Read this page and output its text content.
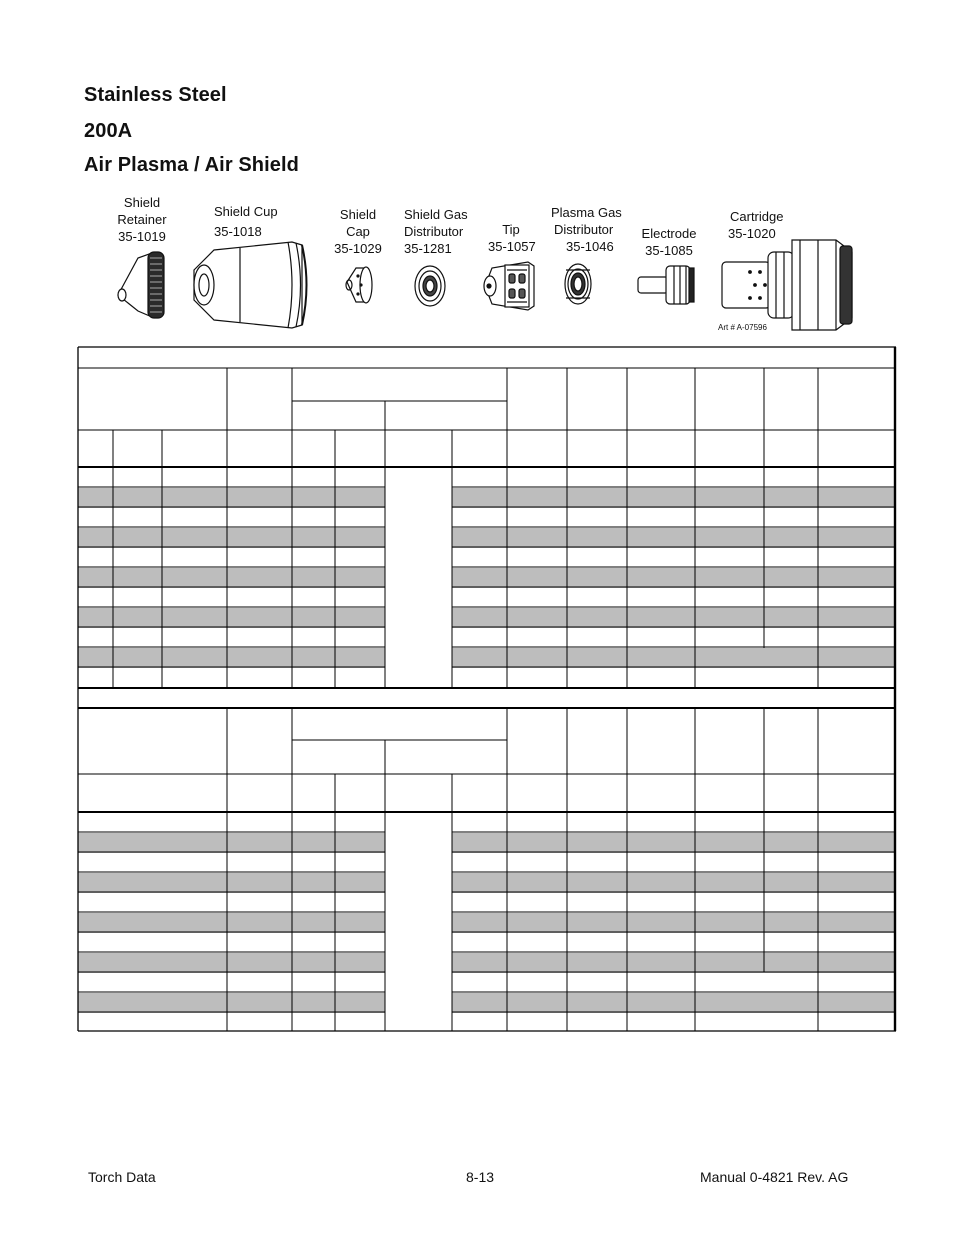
Stainless Steel
200A
Air Plasma / Air Shield
Shield
Retainer
35-1019
Shield Cup
35-1018
Shield
Cap
35-1029
Shield Gas
Distributor
35-1281
Tip
35-1057
Plasma Gas
Distributor
35-1046
Electrode
35-1085
Cartridge
35-1020
Art # A-07596
Torch Data	8-13	Manual 0-4821 Rev. AG
